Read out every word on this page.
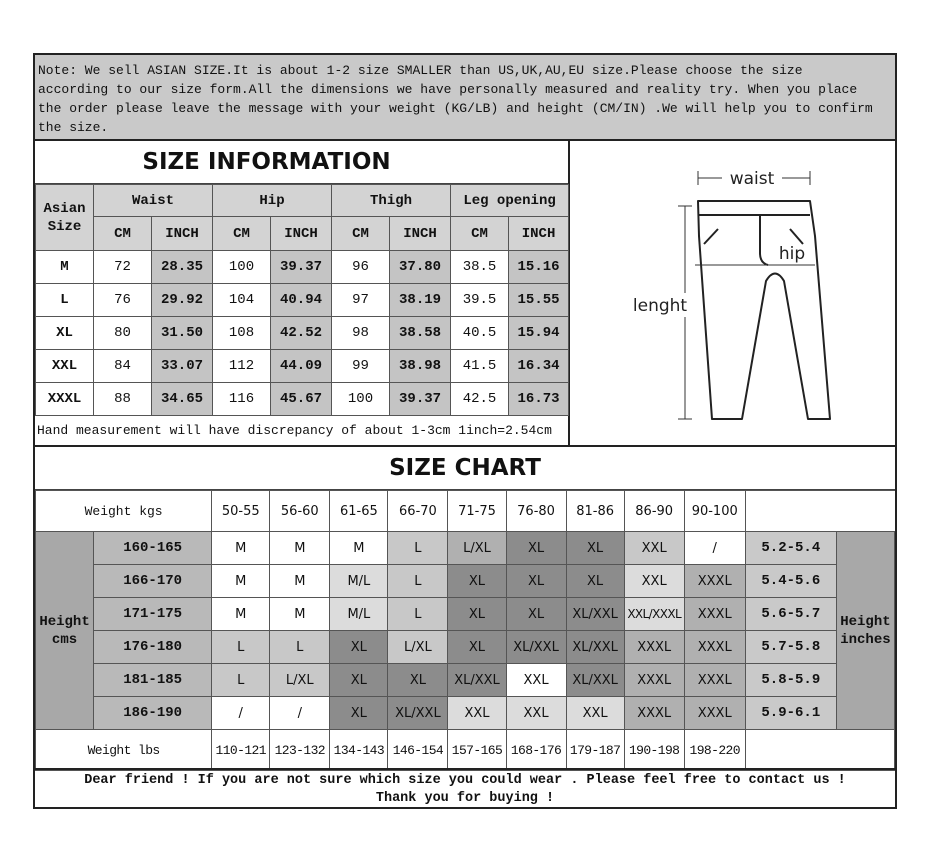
Note: We sell ASIAN SIZE.It is about 1-2 size SMALLER than US,UK,AU,EU size.Please choose the size
according to our size form.All the dimensions we have personally measured and reality try. When you place
the order please leave the message with your weight (KG/LB) and height (CM/IN) .We will help you to confirm
the size.
SIZE INFORMATION
Asian Size	Waist		Hip		Thigh		Leg opening	
	CM	INCH	CM	INCH	CM	INCH	CM	INCH
M	72	28.35	100	39.37	96	37.80	38.5	15.16
L	76	29.92	104	40.94	97	38.19	39.5	15.55
XL	80	31.50	108	42.52	98	38.58	40.5	15.94
XXL	84	33.07	112	44.09	99	38.98	41.5	16.34
XXXL	88	34.65	116	45.67	100	39.37	42.5	16.73
Hand measurement will have discrepancy of about 1-3cm 1inch=2.54cm
waist
hip
lenght
SIZE CHART
Weight kgs		50-55	56-60	61-65	66-70	71-75	76-80	81-86	86-90	90-100		
Height cms	160-165	M	M	M	L	L/XL	XL	XL	XXL	/	5.2-5.4	Height inches
	166-170	M	M	M/L	L	XL	XL	XL	XXL	XXXL	5.4-5.6	
	171-175	M	M	M/L	L	XL	XL	XL/XXL	XXL/XXXL	XXXL	5.6-5.7	
	176-180	L	L	XL	L/XL	XL	XL/XXL	XL/XXL	XXXL	XXXL	5.7-5.8	
	181-185	L	L/XL	XL	XL	XL/XXL	XXL	XL/XXL	XXXL	XXXL	5.8-5.9	
	186-190	/	/	XL	XL/XXL	XXL	XXL	XXL	XXXL	XXXL	5.9-6.1	
Weight lbs		110-121	123-132	134-143	146-154	157-165	168-176	179-187	190-198	198-220		
Dear friend ! If you are not sure which size you could wear . Please feel free to contact us !
Thank you for buying !
